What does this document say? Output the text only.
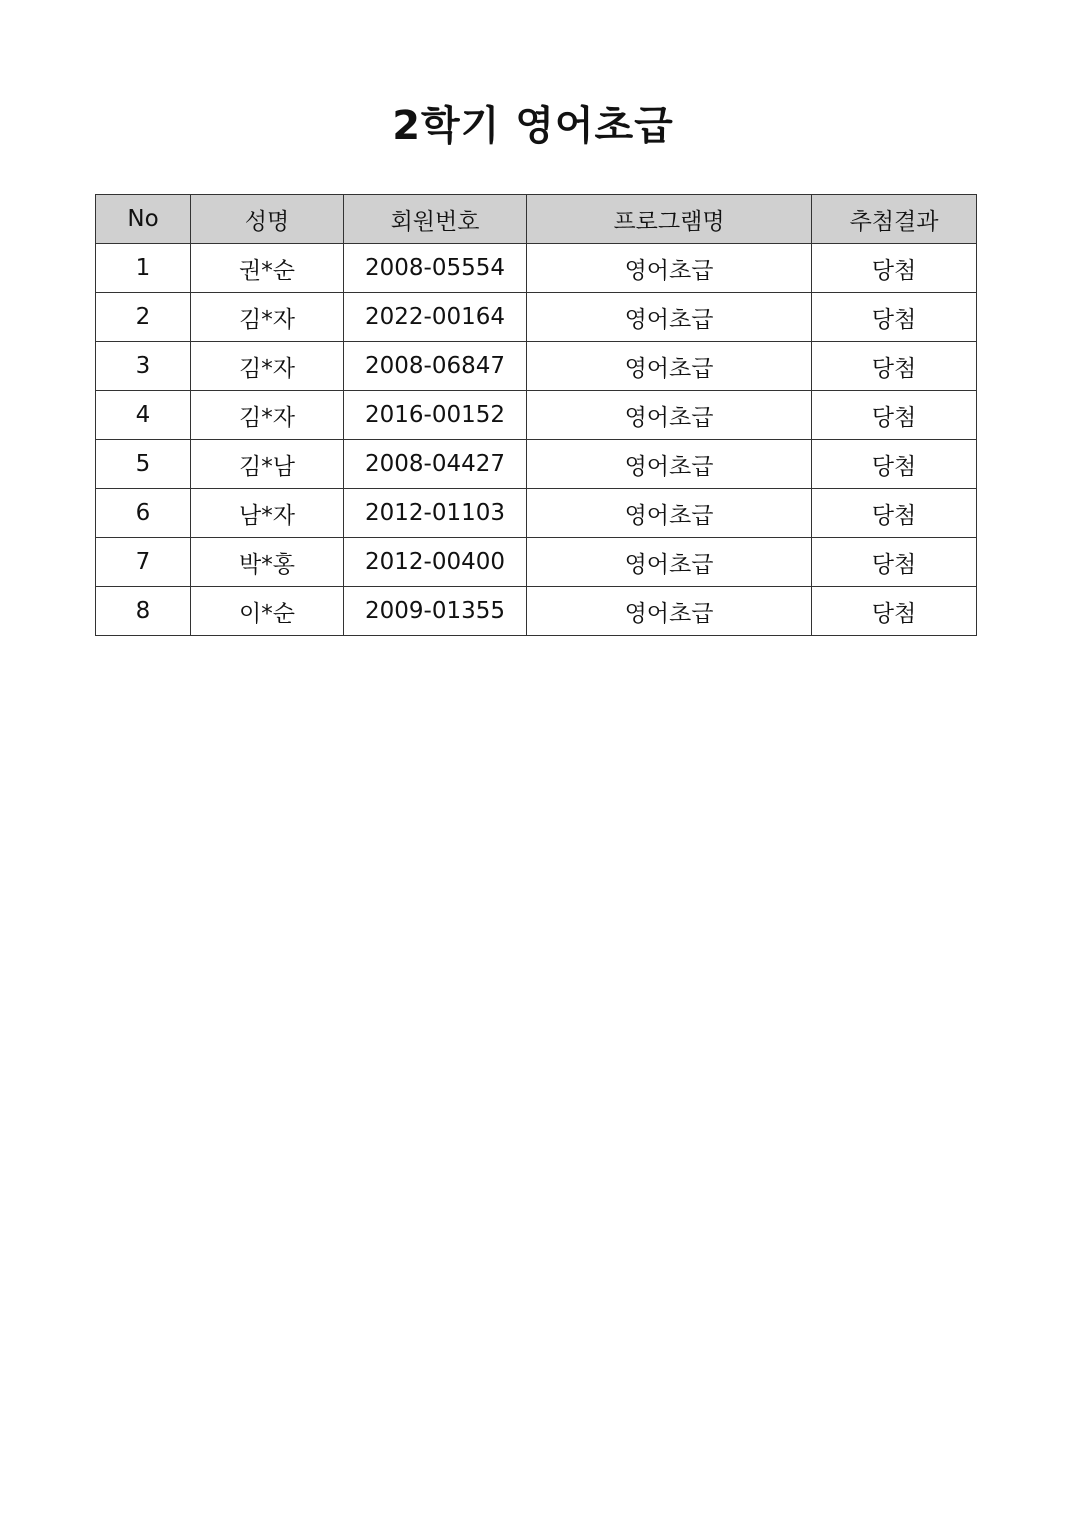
2학기 영어초급
No	성명	회원번호	프로그램명	추첨결과
1	권*순	2008-05554	영어초급	당첨
2	김*자	2022-00164	영어초급	당첨
3	김*자	2008-06847	영어초급	당첨
4	김*자	2016-00152	영어초급	당첨
5	김*남	2008-04427	영어초급	당첨
6	남*자	2012-01103	영어초급	당첨
7	박*홍	2012-00400	영어초급	당첨
8	이*순	2009-01355	영어초급	당첨
